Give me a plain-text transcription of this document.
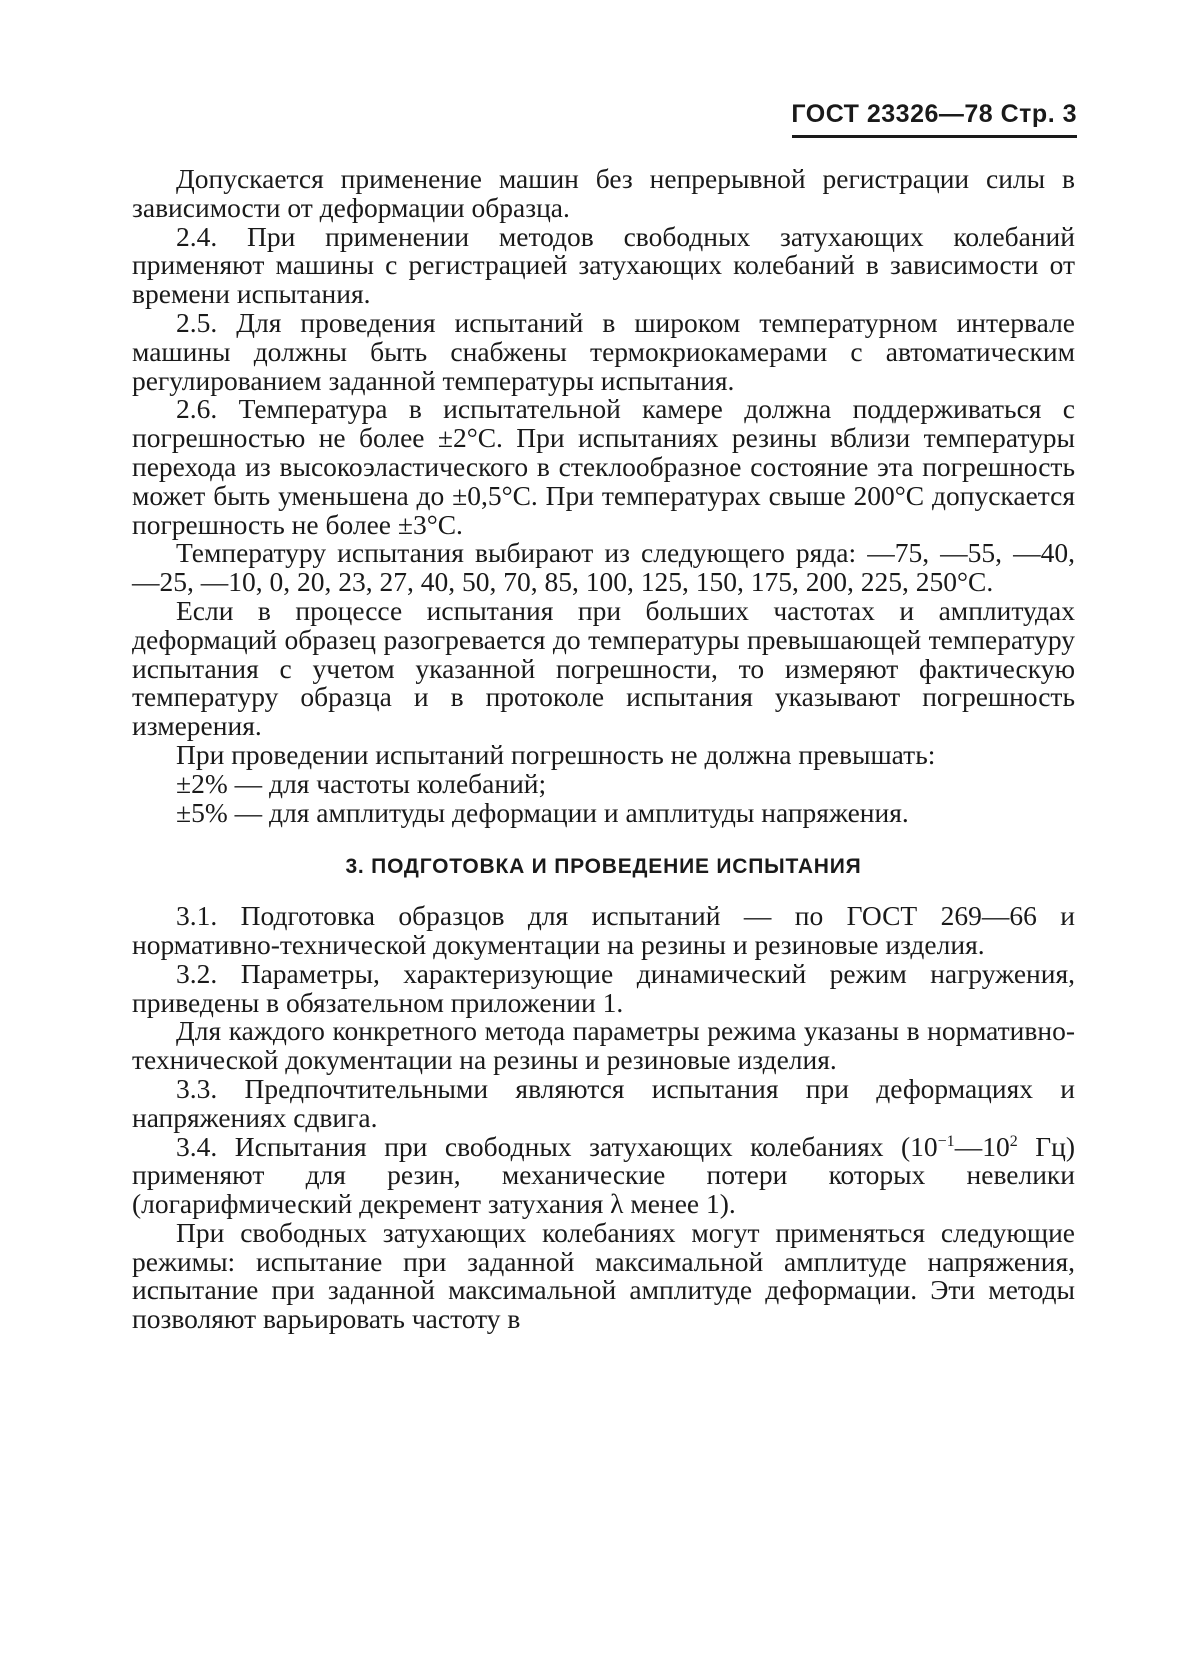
ГОСТ 23326—78 Стр. 3

Допускается применение машин без непрерывной регистрации силы в зависимости от деформации образца.

2.4. При применении методов свободных затухающих колебаний применяют машины с регистрацией затухающих колебаний в зависимости от времени испытания.

2.5. Для проведения испытаний в широком температурном интервале машины должны быть снабжены термокриокамерами с автоматическим регулированием заданной температуры испытания.

2.6. Температура в испытательной камере должна поддерживаться с погрешностью не более ±2°С. При испытаниях резины вблизи температуры перехода из высокоэластического в стеклообразное состояние эта погрешность может быть уменьшена до ±0,5°С. При температурах свыше 200°С допускается погрешность не более ±3°С.

Температуру испытания выбирают из следующего ряда: —75, —55, —40, —25, —10, 0, 20, 23, 27, 40, 50, 70, 85, 100, 125, 150, 175, 200, 225, 250°С.

Если в процессе испытания при больших частотах и амплитудах деформаций образец разогревается до температуры превышающей температуру испытания с учетом указанной погрешности, то измеряют фактическую температуру образца и в протоколе испытания указывают погрешность измерения.

При проведении испытаний погрешность не должна превышать:

±2% — для частоты колебаний;

±5% — для амплитуды деформации и амплитуды напряжения.

3. ПОДГОТОВКА И ПРОВЕДЕНИЕ ИСПЫТАНИЯ

3.1. Подготовка образцов для испытаний — по ГОСТ 269—66 и нормативно-технической документации на резины и резиновые изделия.

3.2. Параметры, характеризующие динамический режим нагружения, приведены в обязательном приложении 1.

Для каждого конкретного метода параметры режима указаны в нормативно-технической документации на резины и резиновые изделия.

3.3. Предпочтительными являются испытания при деформациях и напряжениях сдвига.

3.4. Испытания при свободных затухающих колебаниях ($10^{-1}—10^2$ Гц) применяют для резин, механические потери которых невелики (логарифмический декремент затухания λ менее 1).

При свободных затухающих колебаниях могут применяться следующие режимы: испытание при заданной максимальной амплитуде напряжения, испытание при заданной максимальной амплитуде деформации. Эти методы позволяют варьировать частоту в
